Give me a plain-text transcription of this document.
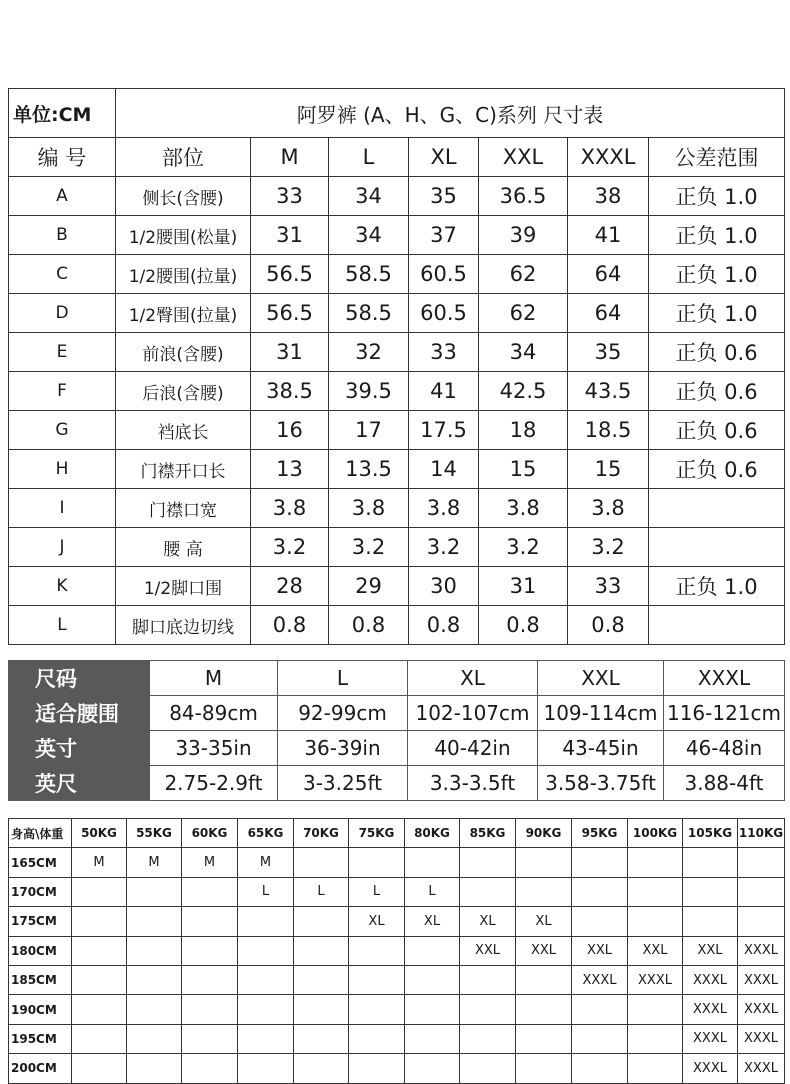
单位:CM	阿罗裤 (A、H、G、C)系列 尺寸表						
编 号	部位	M	L	XL	XXL	XXXL	公差范围
A	侧长(含腰)	33	34	35	36.5	38	正负 1.0
B	1/2腰围(松量)	31	34	37	39	41	正负 1.0
C	1/2腰围(拉量)	56.5	58.5	60.5	62	64	正负 1.0
D	1/2臀围(拉量)	56.5	58.5	60.5	62	64	正负 1.0
E	前浪(含腰)	31	32	33	34	35	正负 0.6
F	后浪(含腰)	38.5	39.5	41	42.5	43.5	正负 0.6
G	裆底长	16	17	17.5	18	18.5	正负 0.6
H	门襟开口长	13	13.5	14	15	15	正负 0.6
I	门襟口宽	3.8	3.8	3.8	3.8	3.8	
J	腰 高	3.2	3.2	3.2	3.2	3.2	
K	1/2脚口围	28	29	30	31	33	正负 1.0
L	脚口底边切线	0.8	0.8	0.8	0.8	0.8	
尺码	M	L	XL	XXL	XXXL
适合腰围	84-89cm	92-99cm	102-107cm	109-114cm	116-121cm
英寸	33-35in	36-39in	40-42in	43-45in	46-48in
英尺	2.75-2.9ft	3-3.25ft	3.3-3.5ft	3.58-3.75ft	3.88-4ft
身高\体重	50KG	55KG	60KG	65KG	70KG	75KG	80KG	85KG	90KG	95KG	100KG	105KG	110KG
165CM	M	M	M	M									
170CM				L	L	L	L						
175CM						XL	XL	XL	XL				
180CM								XXL	XXL	XXL	XXL	XXL	XXXL
185CM										XXXL	XXXL	XXXL	XXXL
190CM												XXXL	XXXL
195CM												XXXL	XXXL
200CM												XXXL	XXXL
